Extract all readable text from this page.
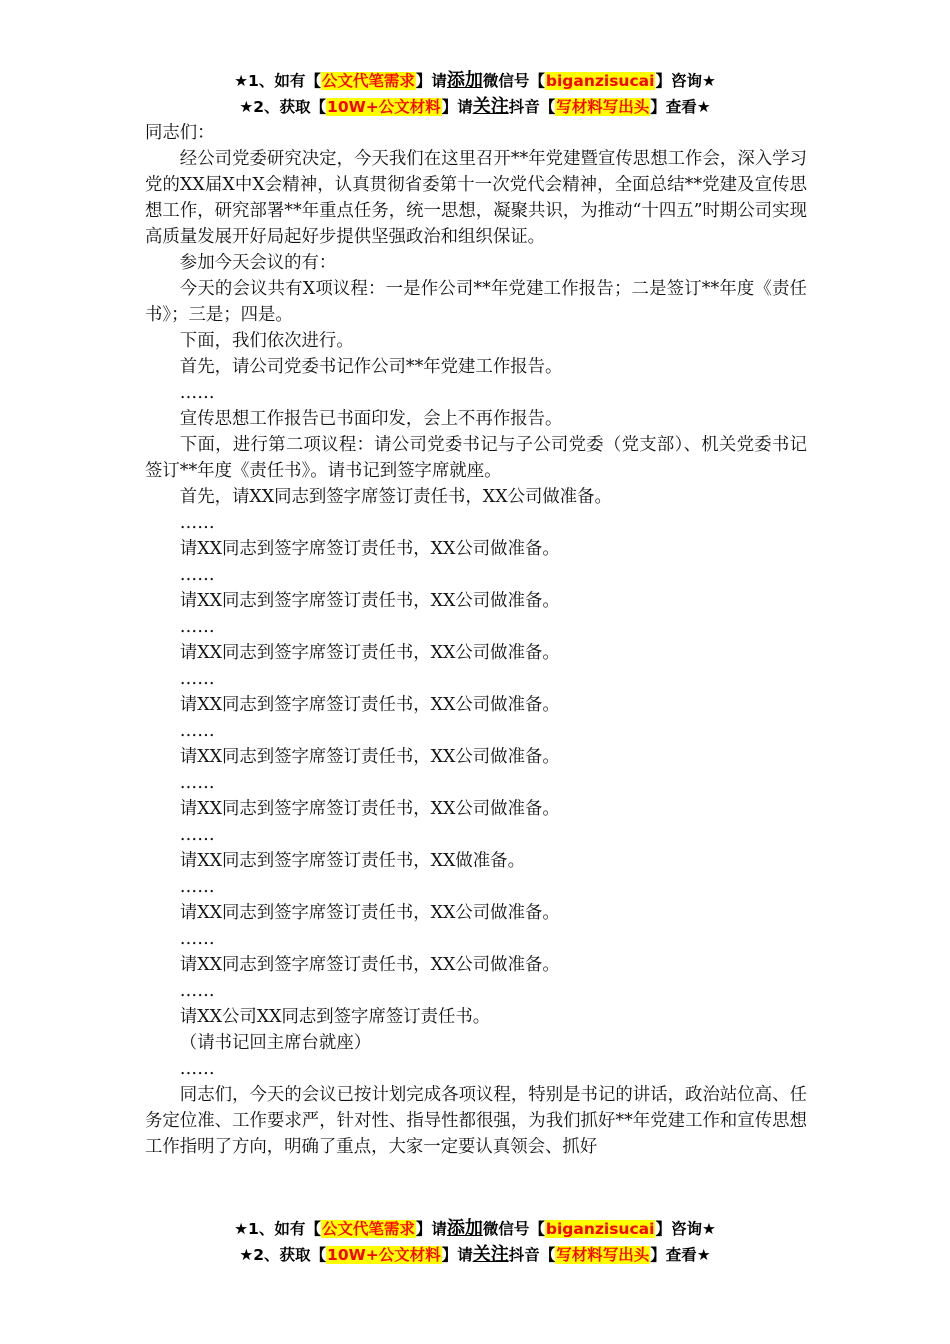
★1、如有【公文代笔需求】请添加微信号【biganzisucai】咨询★
★2、获取【10W+公文材料】请关注抖音【写材料写出头】查看★

同志们：

经公司党委研究决定，今天我们在这里召开**年党建暨宣传思想工作会，深入学习党的XX届X中X会精神，认真贯彻省委第十一次党代会精神，全面总结**党建及宣传思想工作，研究部署**年重点任务，统一思想，凝聚共识，为推动“十四五”时期公司实现高质量发展开好局起好步提供坚强政治和组织保证。

参加今天会议的有：

今天的会议共有X项议程：一是作公司**年党建工作报告；二是签订**年度《责任书》；三是；四是。

下面，我们依次进行。

首先，请公司党委书记作公司**年党建工作报告。

……

宣传思想工作报告已书面印发，会上不再作报告。

下面，进行第二项议程：请公司党委书记与子公司党委（党支部）、机关党委书记签订**年度《责任书》。请书记到签字席就座。

首先，请XX同志到签字席签订责任书，XX公司做准备。

……

请XX同志到签字席签订责任书，XX公司做准备。

……

请XX同志到签字席签订责任书，XX公司做准备。

……

请XX同志到签字席签订责任书，XX公司做准备。

……

请XX同志到签字席签订责任书，XX公司做准备。

……

请XX同志到签字席签订责任书，XX公司做准备。

……

请XX同志到签字席签订责任书，XX公司做准备。

……

请XX同志到签字席签订责任书，XX做准备。

……

请XX同志到签字席签订责任书，XX公司做准备。

……

请XX同志到签字席签订责任书，XX公司做准备。

……

请XX公司XX同志到签字席签订责任书。

（请书记回主席台就座）

……

同志们，今天的会议已按计划完成各项议程，特别是书记的讲话，政治站位高、任务定位准、工作要求严，针对性、指导性都很强，为我们抓好**年党建工作和宣传思想工作指明了方向，明确了重点，大家一定要认真领会、抓好

★1、如有【公文代笔需求】请添加微信号【biganzisucai】咨询★
★2、获取【10W+公文材料】请关注抖音【写材料写出头】查看★
